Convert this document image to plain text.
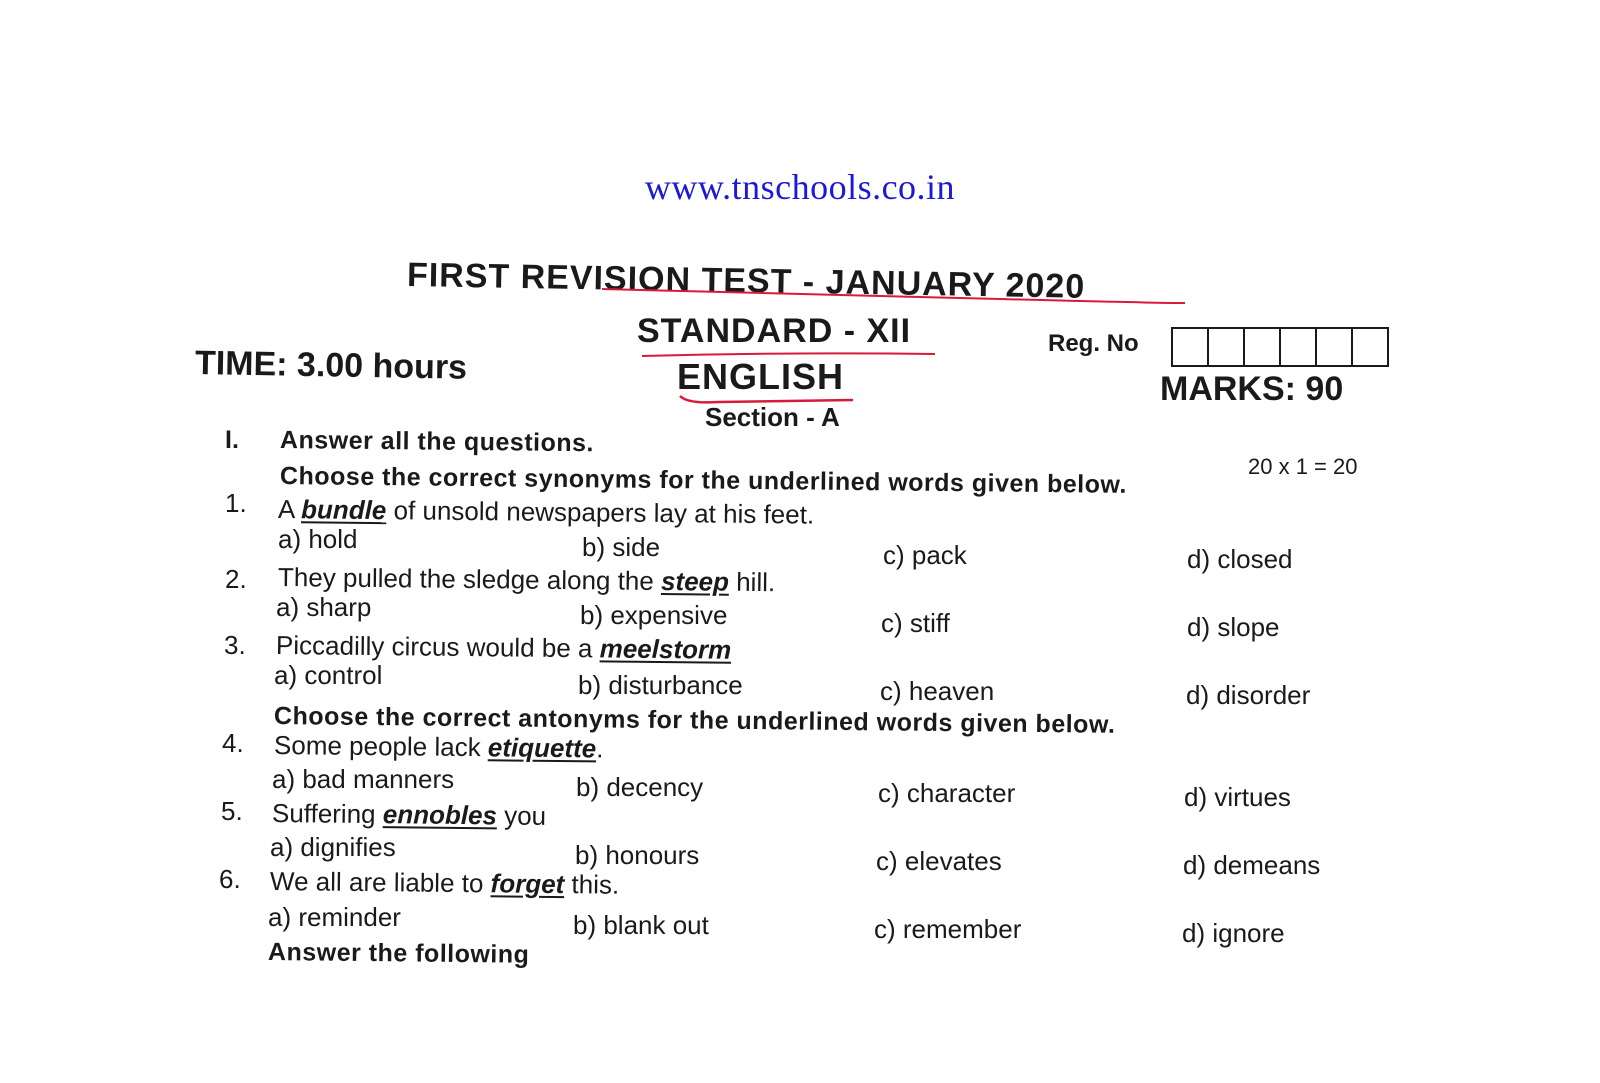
www.tnschools.co.in
FIRST REVISION TEST - JANUARY 2020
STANDARD - XII
TIME: 3.00 hours	ENGLISH
Reg. No
MARKS: 90
Section - A
I. Answer all the questions.
20 x 1 = 20
Choose the correct synonyms for the underlined words given below.
1. A bundle of unsold newspapers lay at his feet.
a) hold	b) side	c) pack	d) closed
2. They pulled the sledge along the steep hill.
a) sharp	b) expensive	c) stiff	d) slope
3. Piccadilly circus would be a meelstorm
a) control	b) disturbance	c) heaven	d) disorder
Choose the correct antonyms for the underlined words given below.
4. Some people lack etiquette.
a) bad manners	b) decency	c) character	d) virtues
5. Suffering ennobles you
a) dignifies	b) honours	c) elevates	d) demeans
6. We all are liable to forget this.
a) reminder	b) blank out	c) remember	d) ignore
Answer the following
